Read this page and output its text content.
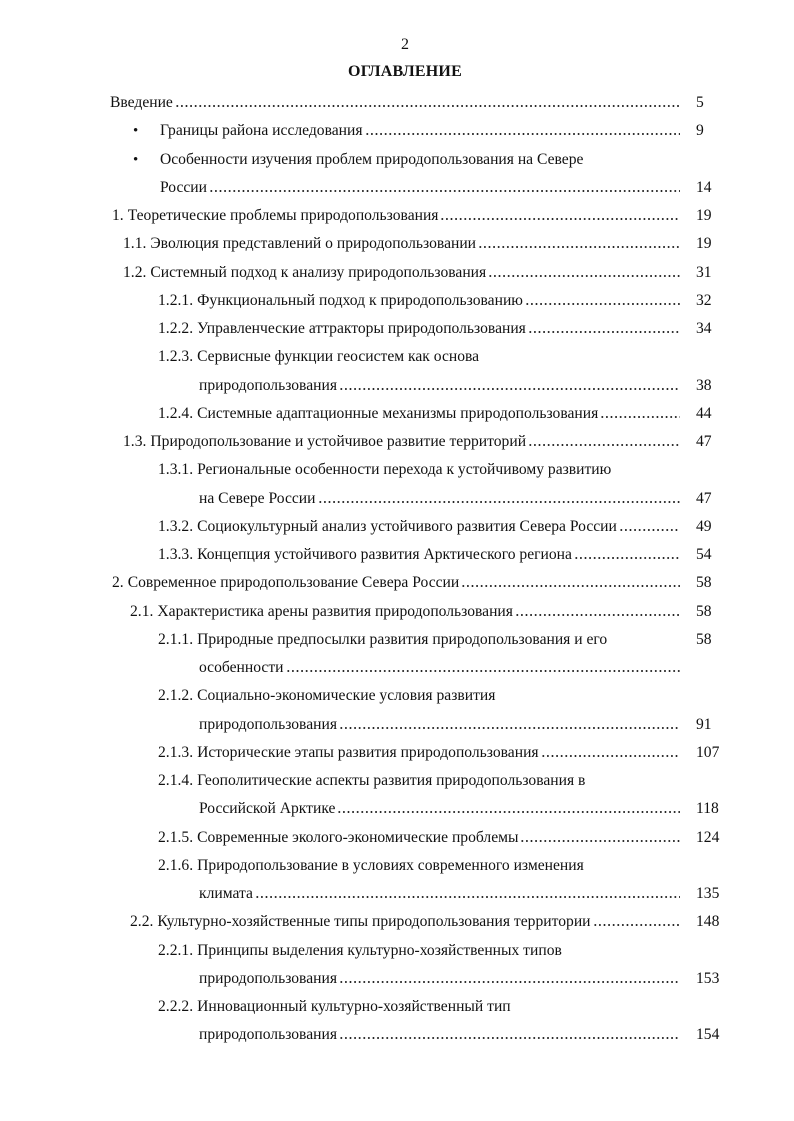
2
ОГЛАВЛЕНИЕ
Введение	5
• Границы района исследования	9
• Особенности изучения проблем природопользования на Севере
России	14
1. Теоретические проблемы природопользования	19
1.1. Эволюция представлений о природопользовании	19
1.2. Системный подход к анализу природопользования	31
1.2.1. Функциональный подход к природопользованию	32
1.2.2. Управленческие аттракторы природопользования	34
1.2.3. Сервисные функции геосистем как основа
природопользования	38
1.2.4. Системные адаптационные механизмы природопользования	44
1.3. Природопользование и устойчивое развитие территорий	47
1.3.1. Региональные особенности перехода к устойчивому развитию
на Севере России	47
1.3.2. Социокультурный анализ устойчивого развития Севера России	49
1.3.3. Концепция устойчивого развития Арктического региона	54
2. Современное природопользование Севера России	58
2.1. Характеристика арены развития природопользования	58
2.1.1. Природные предпосылки развития природопользования и его	58
особенности
2.1.2. Социально-экономические условия развития
природопользования	91
2.1.3. Исторические этапы развития природопользования	107
2.1.4. Геополитические аспекты развития природопользования в
Российской Арктике	118
2.1.5. Современные эколого-экономические проблемы	124
2.1.6. Природопользование в условиях современного изменения
климата	135
2.2. Культурно-хозяйственные типы природопользования территории	148
2.2.1. Принципы выделения культурно-хозяйственных типов
природопользования	153
2.2.2. Инновационный культурно-хозяйственный тип
природопользования	154
